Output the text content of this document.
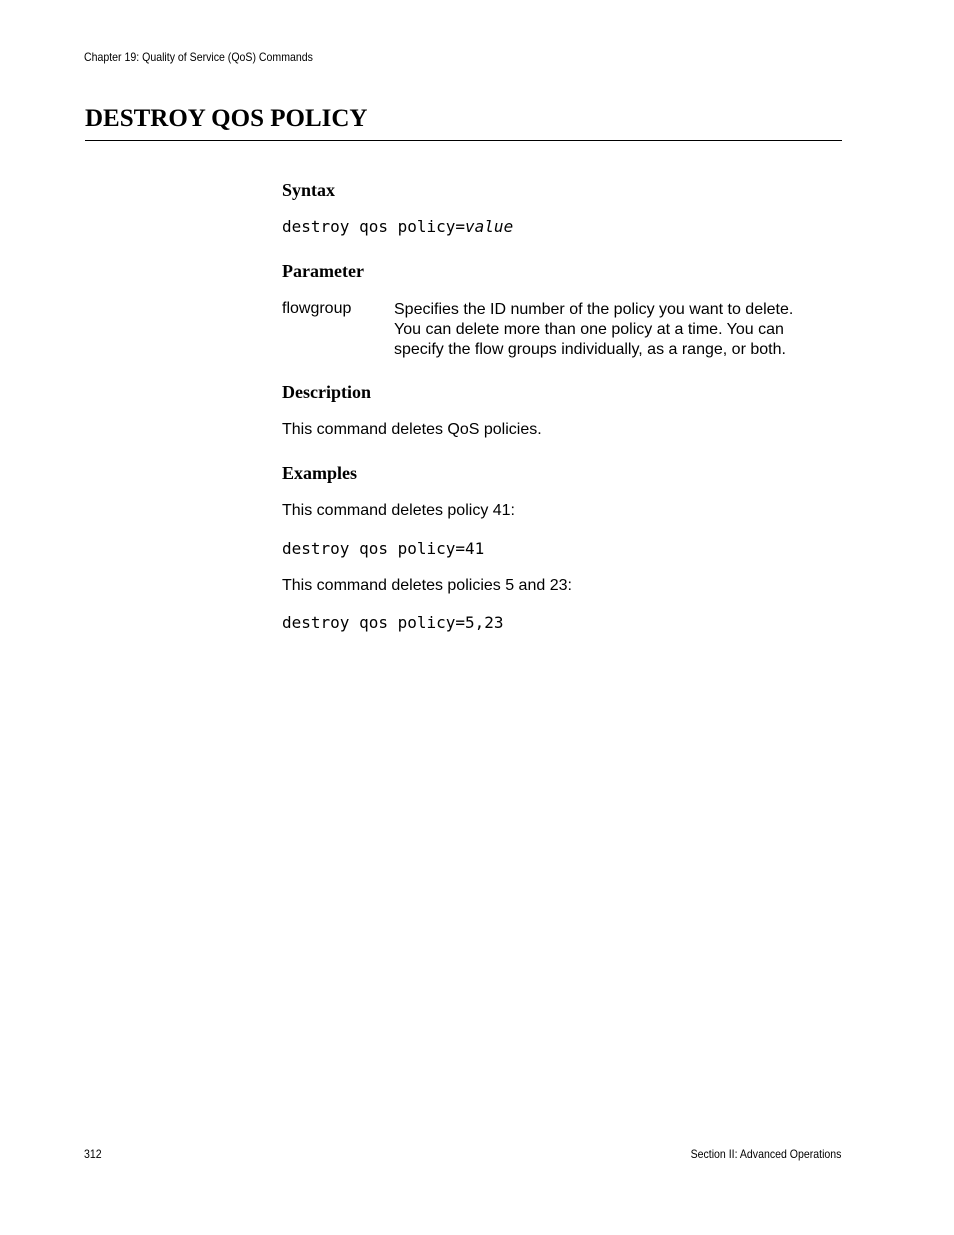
Chapter 19: Quality of Service (QoS) Commands
DESTROY QOS POLICY
Syntax

destroy qos policy=value

Parameter

flowgroup	Specifies the ID number of the policy you want to delete.
You can delete more than one policy at a time. You can
specify the flow groups individually, as a range, or both.

Description

This command deletes QoS policies.

Examples

This command deletes policy 41:

destroy qos policy=41

This command deletes policies 5 and 23:

destroy qos policy=5,23

312	Section II: Advanced Operations
